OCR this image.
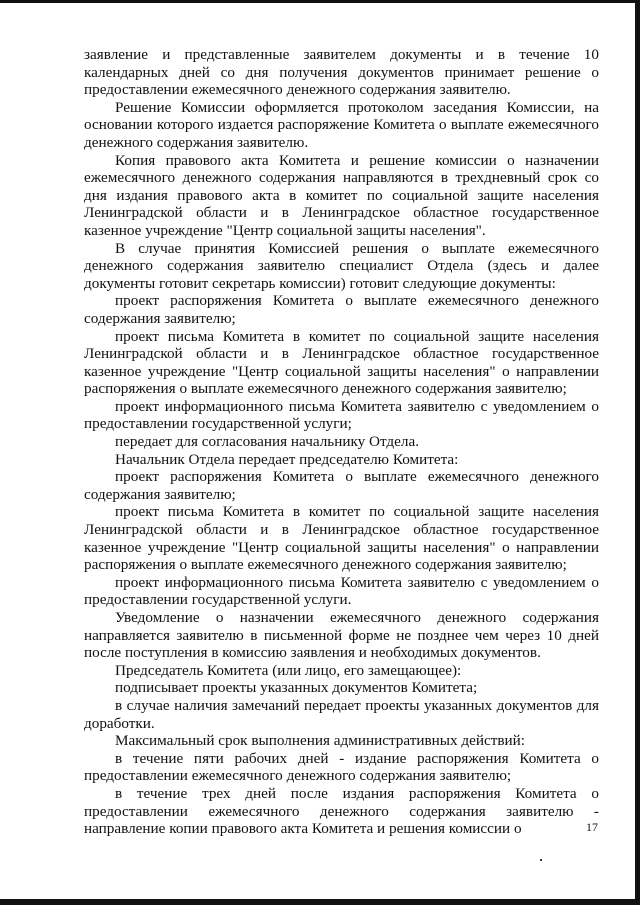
заявление и представленные заявителем документы и в течение 10 календарных дней со дня получения документов принимает решение о предоставлении ежемесячного денежного содержания заявителю.

Решение Комиссии оформляется протоколом заседания Комиссии, на основании которого издается распоряжение Комитета о выплате ежемесячного денежного содержания заявителю.

Копия правового акта Комитета и решение комиссии о назначении ежемесячного денежного содержания направляются в трехдневный срок со дня издания правового акта в комитет по социальной защите населения Ленинградской области и в Ленинградское областное государственное казенное учреждение "Центр социальной защиты населения".

В случае принятия Комиссией решения о выплате ежемесячного денежного содержания заявителю специалист Отдела (здесь и далее документы готовит секретарь комиссии) готовит следующие документы:

проект распоряжения Комитета о выплате ежемесячного денежного содержания заявителю;

проект письма Комитета в комитет по социальной защите населения Ленинградской области и в Ленинградское областное государственное казенное учреждение "Центр социальной защиты населения" о направлении распоряжения о выплате ежемесячного денежного содержания заявителю;

проект информационного письма Комитета заявителю с уведомлением о предоставлении государственной услуги;

передает для согласования начальнику Отдела.

Начальник Отдела передает председателю Комитета:

проект распоряжения Комитета о выплате ежемесячного денежного содержания заявителю;

проект письма Комитета в комитет по социальной защите населения Ленинградской области и в Ленинградское областное государственное казенное учреждение "Центр социальной защиты населения" о направлении распоряжения о выплате ежемесячного денежного содержания заявителю;

проект информационного письма Комитета заявителю с уведомлением о предоставлении государственной услуги.

Уведомление о назначении ежемесячного денежного содержания направляется заявителю в письменной форме не позднее чем через 10 дней после поступления в комиссию заявления и необходимых документов.

Председатель Комитета (или лицо, его замещающее):

подписывает проекты указанных документов Комитета;

в случае наличия замечаний передает проекты указанных документов для доработки.

Максимальный срок выполнения административных действий:

в течение пяти рабочих дней - издание распоряжения Комитета о предоставлении ежемесячного денежного содержания заявителю;

в течение трех дней после издания распоряжения Комитета о предоставлении ежемесячного денежного содержания заявителю - направление копии правового акта Комитета и решения комиссии о	17
